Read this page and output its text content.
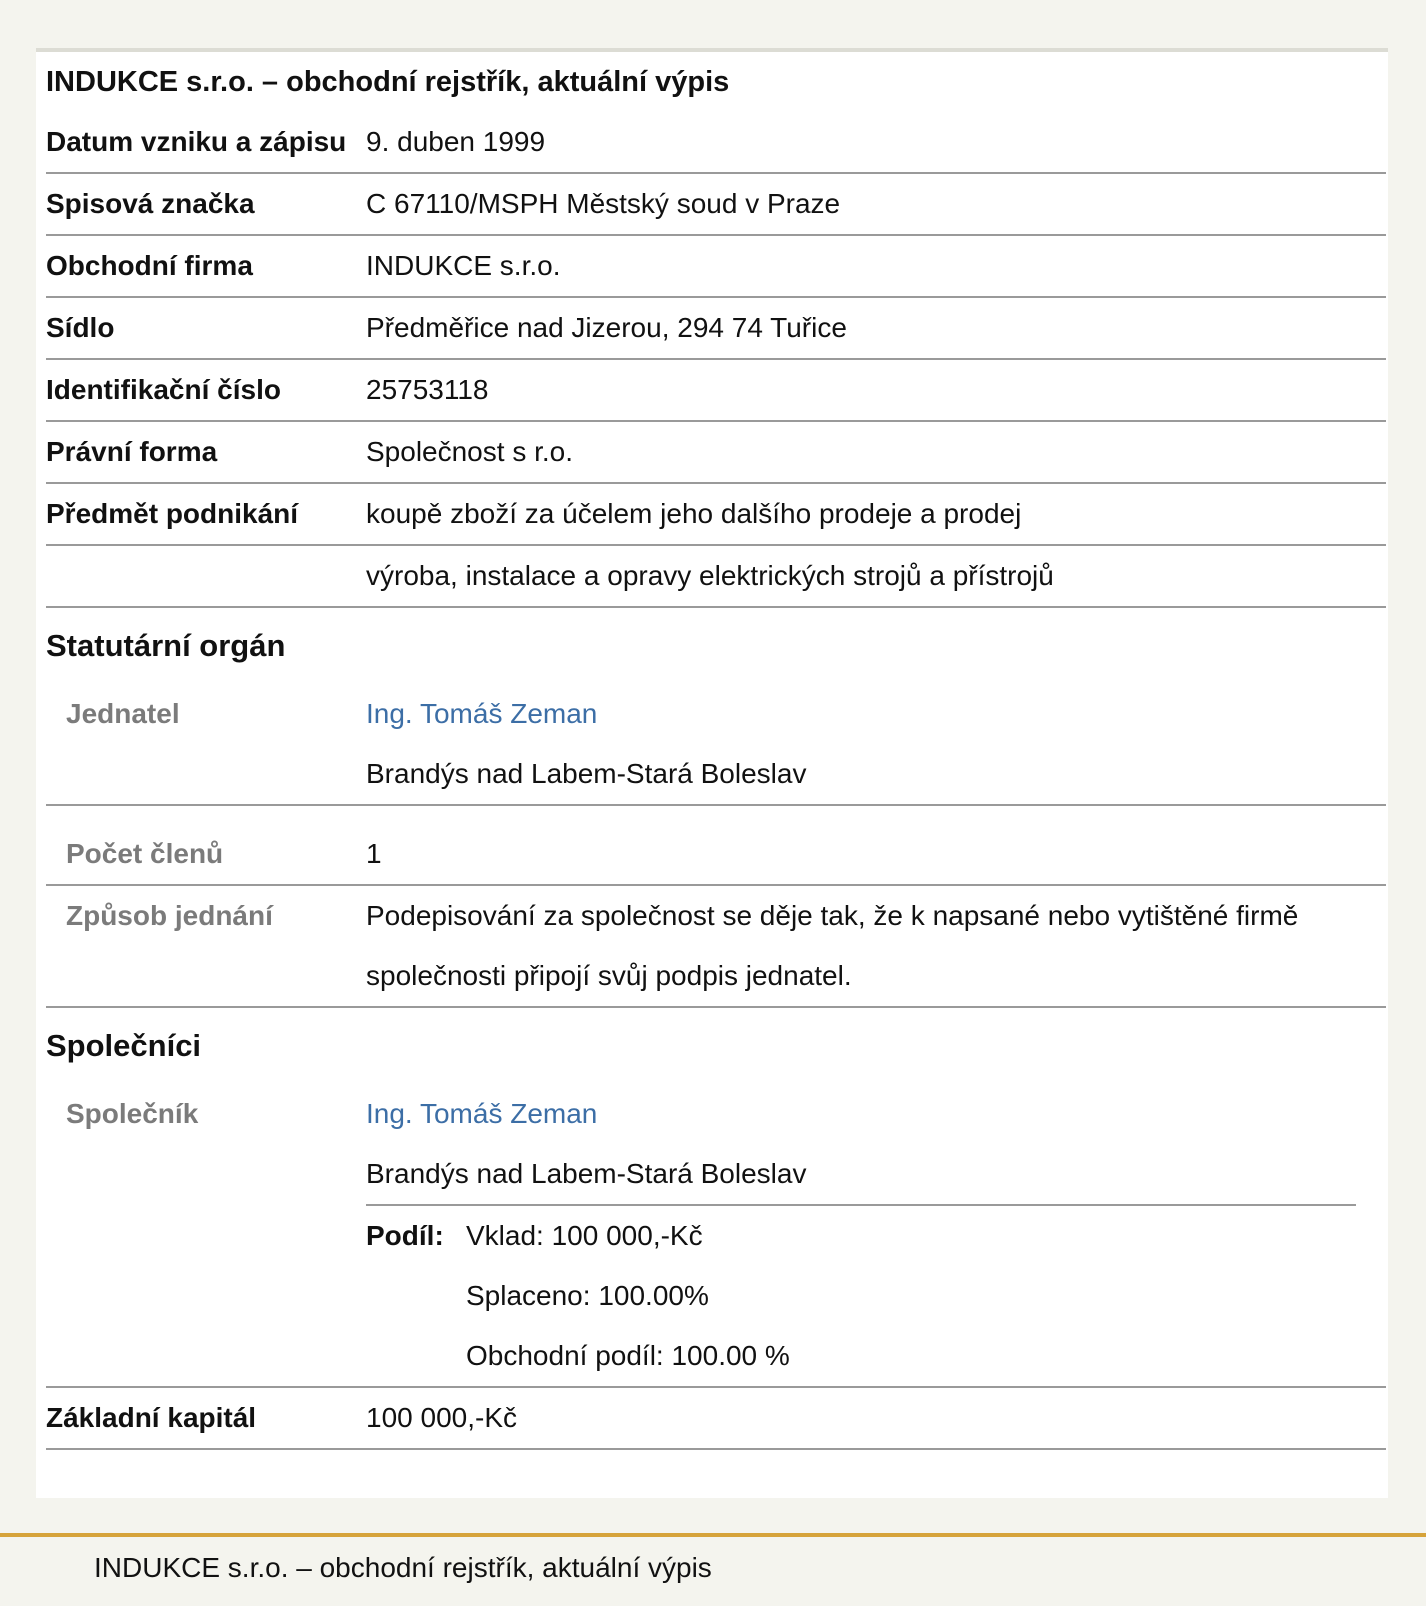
INDUKCE s.r.o. – obchodní rejstřík, aktuální výpis
Datum vzniku a zápisu 9. duben 1999
Spisová značka	C 67110/MSPH Městský soud v Praze
Obchodní firma	INDUKCE s.r.o.
Sídlo	Předměřice nad Jizerou, 294 74 Tuřice
Identifikační číslo	25753118
Právní forma	Společnost s r.o.
Předmět podnikání	koupě zboží za účelem jeho dalšího prodeje a prodej
výroba, instalace a opravy elektrických strojů a přístrojů
Statutární orgán
Jednatel	Ing. Tomáš Zeman
Brandýs nad Labem-Stará Boleslav
Počet členů	1
Způsob jednání	Podepisování za společnost se děje tak, že k napsané nebo vytištěné firmě společnosti připojí svůj podpis jednatel.
Společníci
Společník	Ing. Tomáš Zeman
Brandýs nad Labem-Stará Boleslav
Podíl: Vklad: 100 000,-Kč
Splaceno: 100.00%
Obchodní podíl: 100.00 %
Základní kapitál	100 000,-Kč
INDUKCE s.r.o. – obchodní rejstřík, aktuální výpis
